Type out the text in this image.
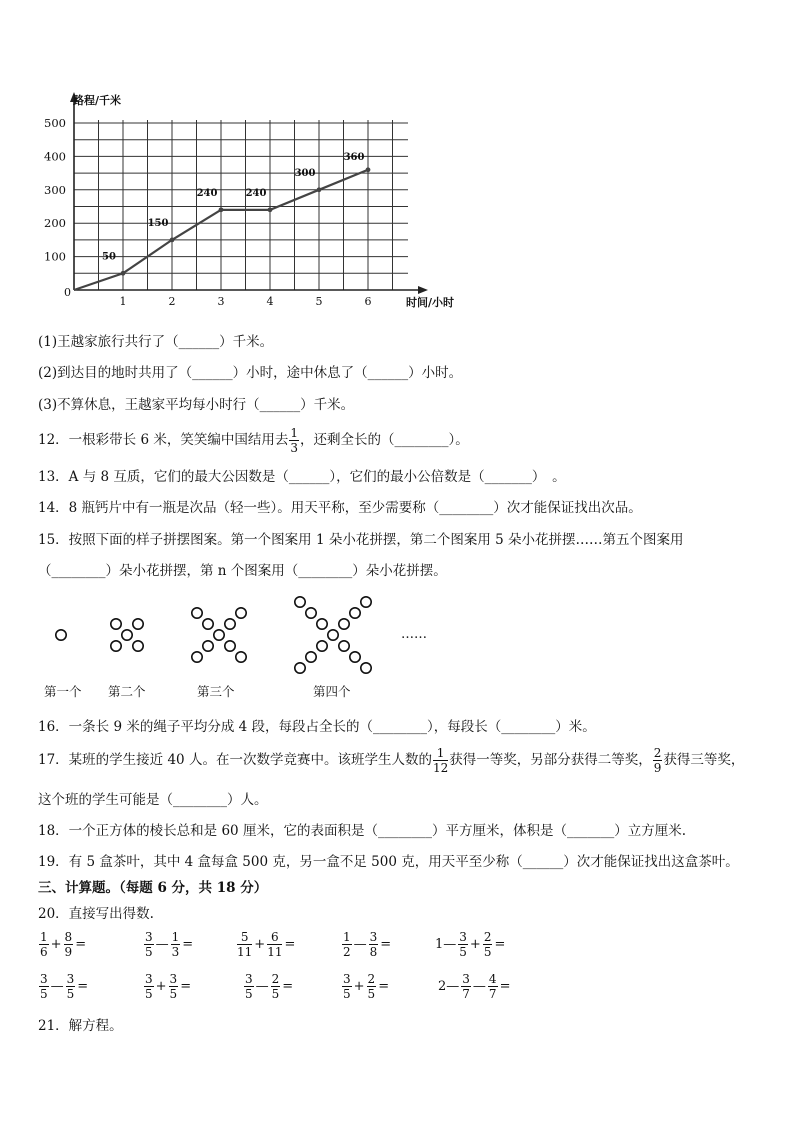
路程/千米
时间/小时
0
1	2	3	4	5	6
100
200
300
400
500
50
150
240	240
300
360
(1)王越家旅行共行了（______）千米。
(2)到达目的地时共用了（______）小时，途中休息了（______）小时。
(3)不算休息，王越家平均每小时行（______）千米。
12．一根彩带长 6 米，笑笑编中国结用去 $\frac{1}{3}$ ，还剩全长的（________）。
13．A 与 8 互质，它们的最大公因数是（______），它们的最小公倍数是（_______）　。
14．8 瓶钙片中有一瓶是次品（轻一些）。用天平称，至少需要称（________）次才能保证找出次品。
15．按照下面的样子拼摆图案。第一个图案用 1 朵小花拼摆，第二个图案用 5 朵小花拼摆……第五个图案用
（________）朵小花拼摆，第 n 个图案用（________）朵小花拼摆。
……
第一个 第二个	第三个	第四个
16．一条长 9 米的绳子平均分成 4 段，每段占全长的（________），每段长（________）米。
17．某班的学生接近 40 人。在一次数学竞赛中。该班学生人数的 $\frac{1}{12}$ 获得一等奖，另部分获得二等奖， $\frac{2}{9}$ 获得三等奖，
这个班的学生可能是（________）人。
18．一个正方体的棱长总和是 60 厘米，它的表面积是（________）平方厘米，体积是（_______）立方厘米.
19．有 5 盒茶叶，其中 4 盒每盒 500 克，另一盒不足 500 克，用天平至少称（______）次才能保证找出这盒茶叶。
三、计算题。（每题 6 分，共 18 分）
20．直接写出得数.
$\frac{1}{6} + \frac{8}{9}$ =	$\frac{3}{5}$ — $\frac{1}{3}$ =	$\frac{5}{11} + \frac{6}{11}$ =	$\frac{1}{2}$ — $\frac{3}{8}$ =	1— $\frac{3}{5} + \frac{2}{5}$ =
$\frac{3}{5}$ — $\frac{3}{5}$ =	$\frac{3}{5} + \frac{3}{5}$ =	$\frac{3}{5}$ — $\frac{2}{5}$ =	$\frac{3}{5} + \frac{2}{5}$ =	2— $\frac{3}{7}$ — $\frac{4}{7}$ =
21．解方程。
